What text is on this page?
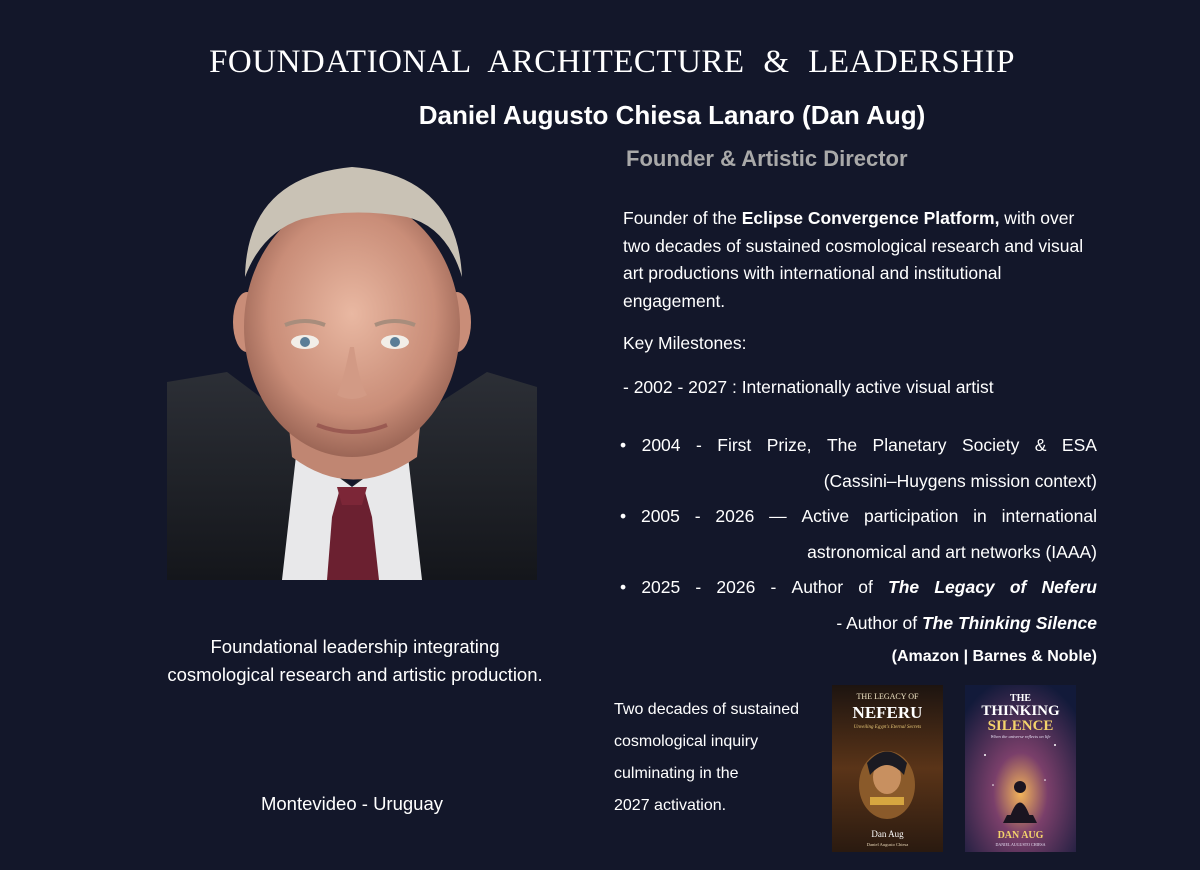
FOUNDATIONAL ARCHITECTURE & LEADERSHIP
Daniel Augusto Chiesa Lanaro (Dan Aug)
Founder & Artistic Director
Foundational leadership integrating
cosmological research and artistic production.
Montevideo - Uruguay
Founder of the Eclipse Convergence Platform, with over two decades of sustained cosmological research and visual art productions with international and institutional engagement.
Key Milestones:
- 2002 - 2027 : Internationally active visual artist
• 2004 - First Prize, The Planetary Society & ESA
(Cassini–Huygens mission context)
• 2005 - 2026 — Active participation in international
astronomical and art networks (IAAA)
• 2025 - 2026 - Author of The Legacy of Neferu
- Author of The Thinking Silence
(Amazon | Barnes & Noble)
Two decades of sustained
cosmological inquiry
culminating in the
2027 activation.
THE LEGACY OF
NEFERU
Unveiling Egypt's Eternal Secrets
Dan Aug
Daniel Augusto Chiesa
THE
THINKING
SILENCE
When the universe reflects on life
DAN AUG
DANIEL AUGUSTO CHIESA
